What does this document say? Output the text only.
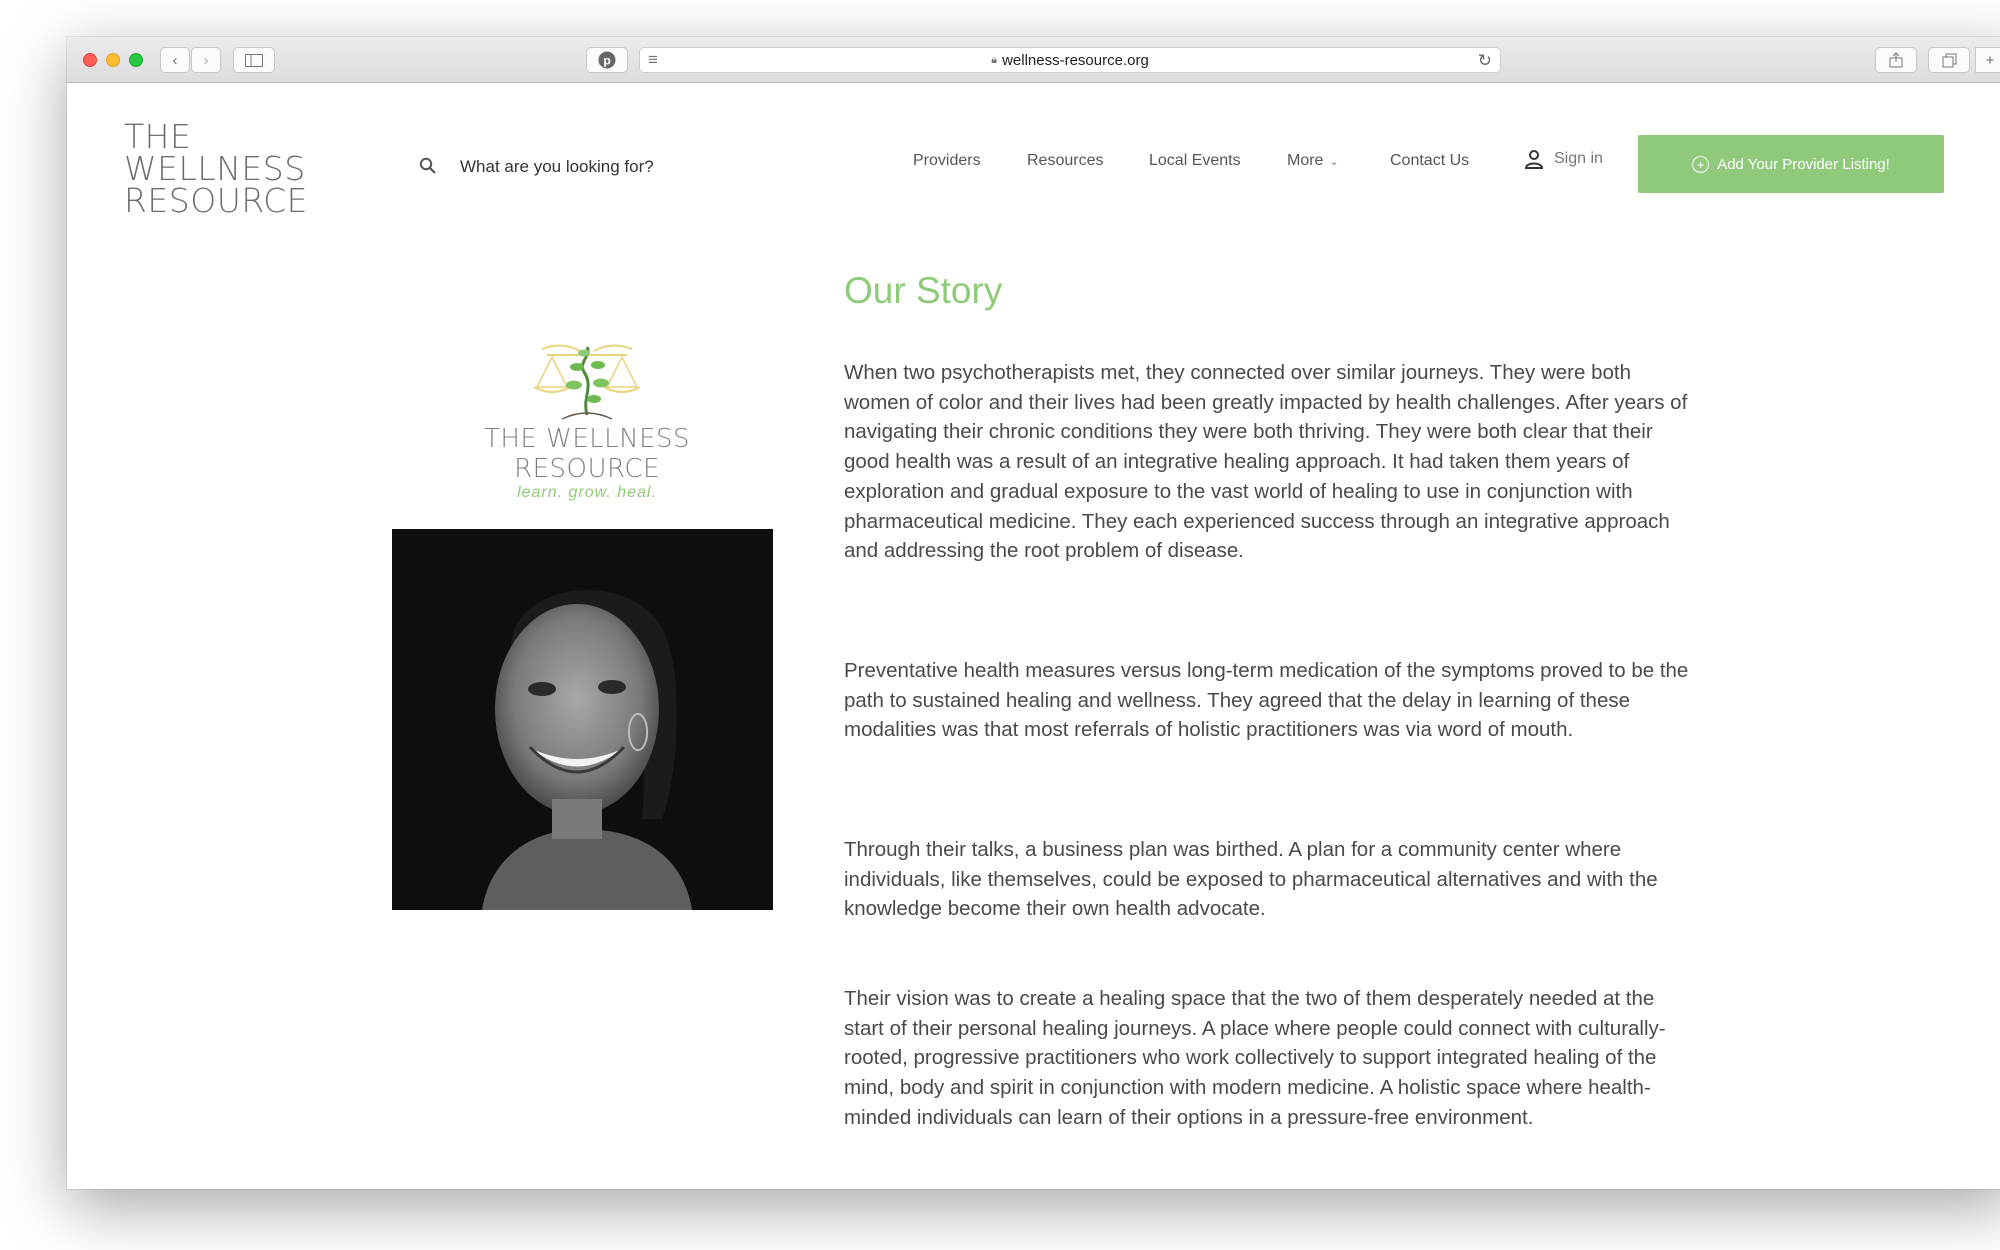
‹ ›	p ≡	🔒︎ wellness-resource.org	↻	+
THE
WELLNESS
RESOURCE
What are you looking for?
Providers	Resources	Local Events	More ⌄	Contact Us	Sign in	+ Add Your Provider Listing!
THE WELLNESS RESOURCE
learn. grow. heal.
Our Story

When two psychotherapists met, they connected over similar journeys. They were both women of color and their lives had been greatly impacted by health challenges. After years of navigating their chronic conditions they were both thriving. They were both clear that their good health was a result of an integrative healing approach. It had taken them years of exploration and gradual exposure to the vast world of healing to use in conjunction with pharmaceutical medicine. They each experienced success through an integrative approach and addressing the root problem of disease.

Preventative health measures versus long-term medication of the symptoms proved to be the path to sustained healing and wellness. They agreed that the delay in learning of these modalities was that most referrals of holistic practitioners was via word of mouth.

Through their talks, a business plan was birthed. A plan for a community center where individuals, like themselves, could be exposed to pharmaceutical alternatives and with the knowledge become their own health advocate.

Their vision was to create a healing space that the two of them desperately needed at the start of their personal healing journeys. A place where people could connect with culturally-rooted, progressive practitioners who work collectively to support integrated healing of the mind, body and spirit in conjunction with modern medicine. A holistic space where health-minded individuals can learn of their options in a pressure-free environment.
